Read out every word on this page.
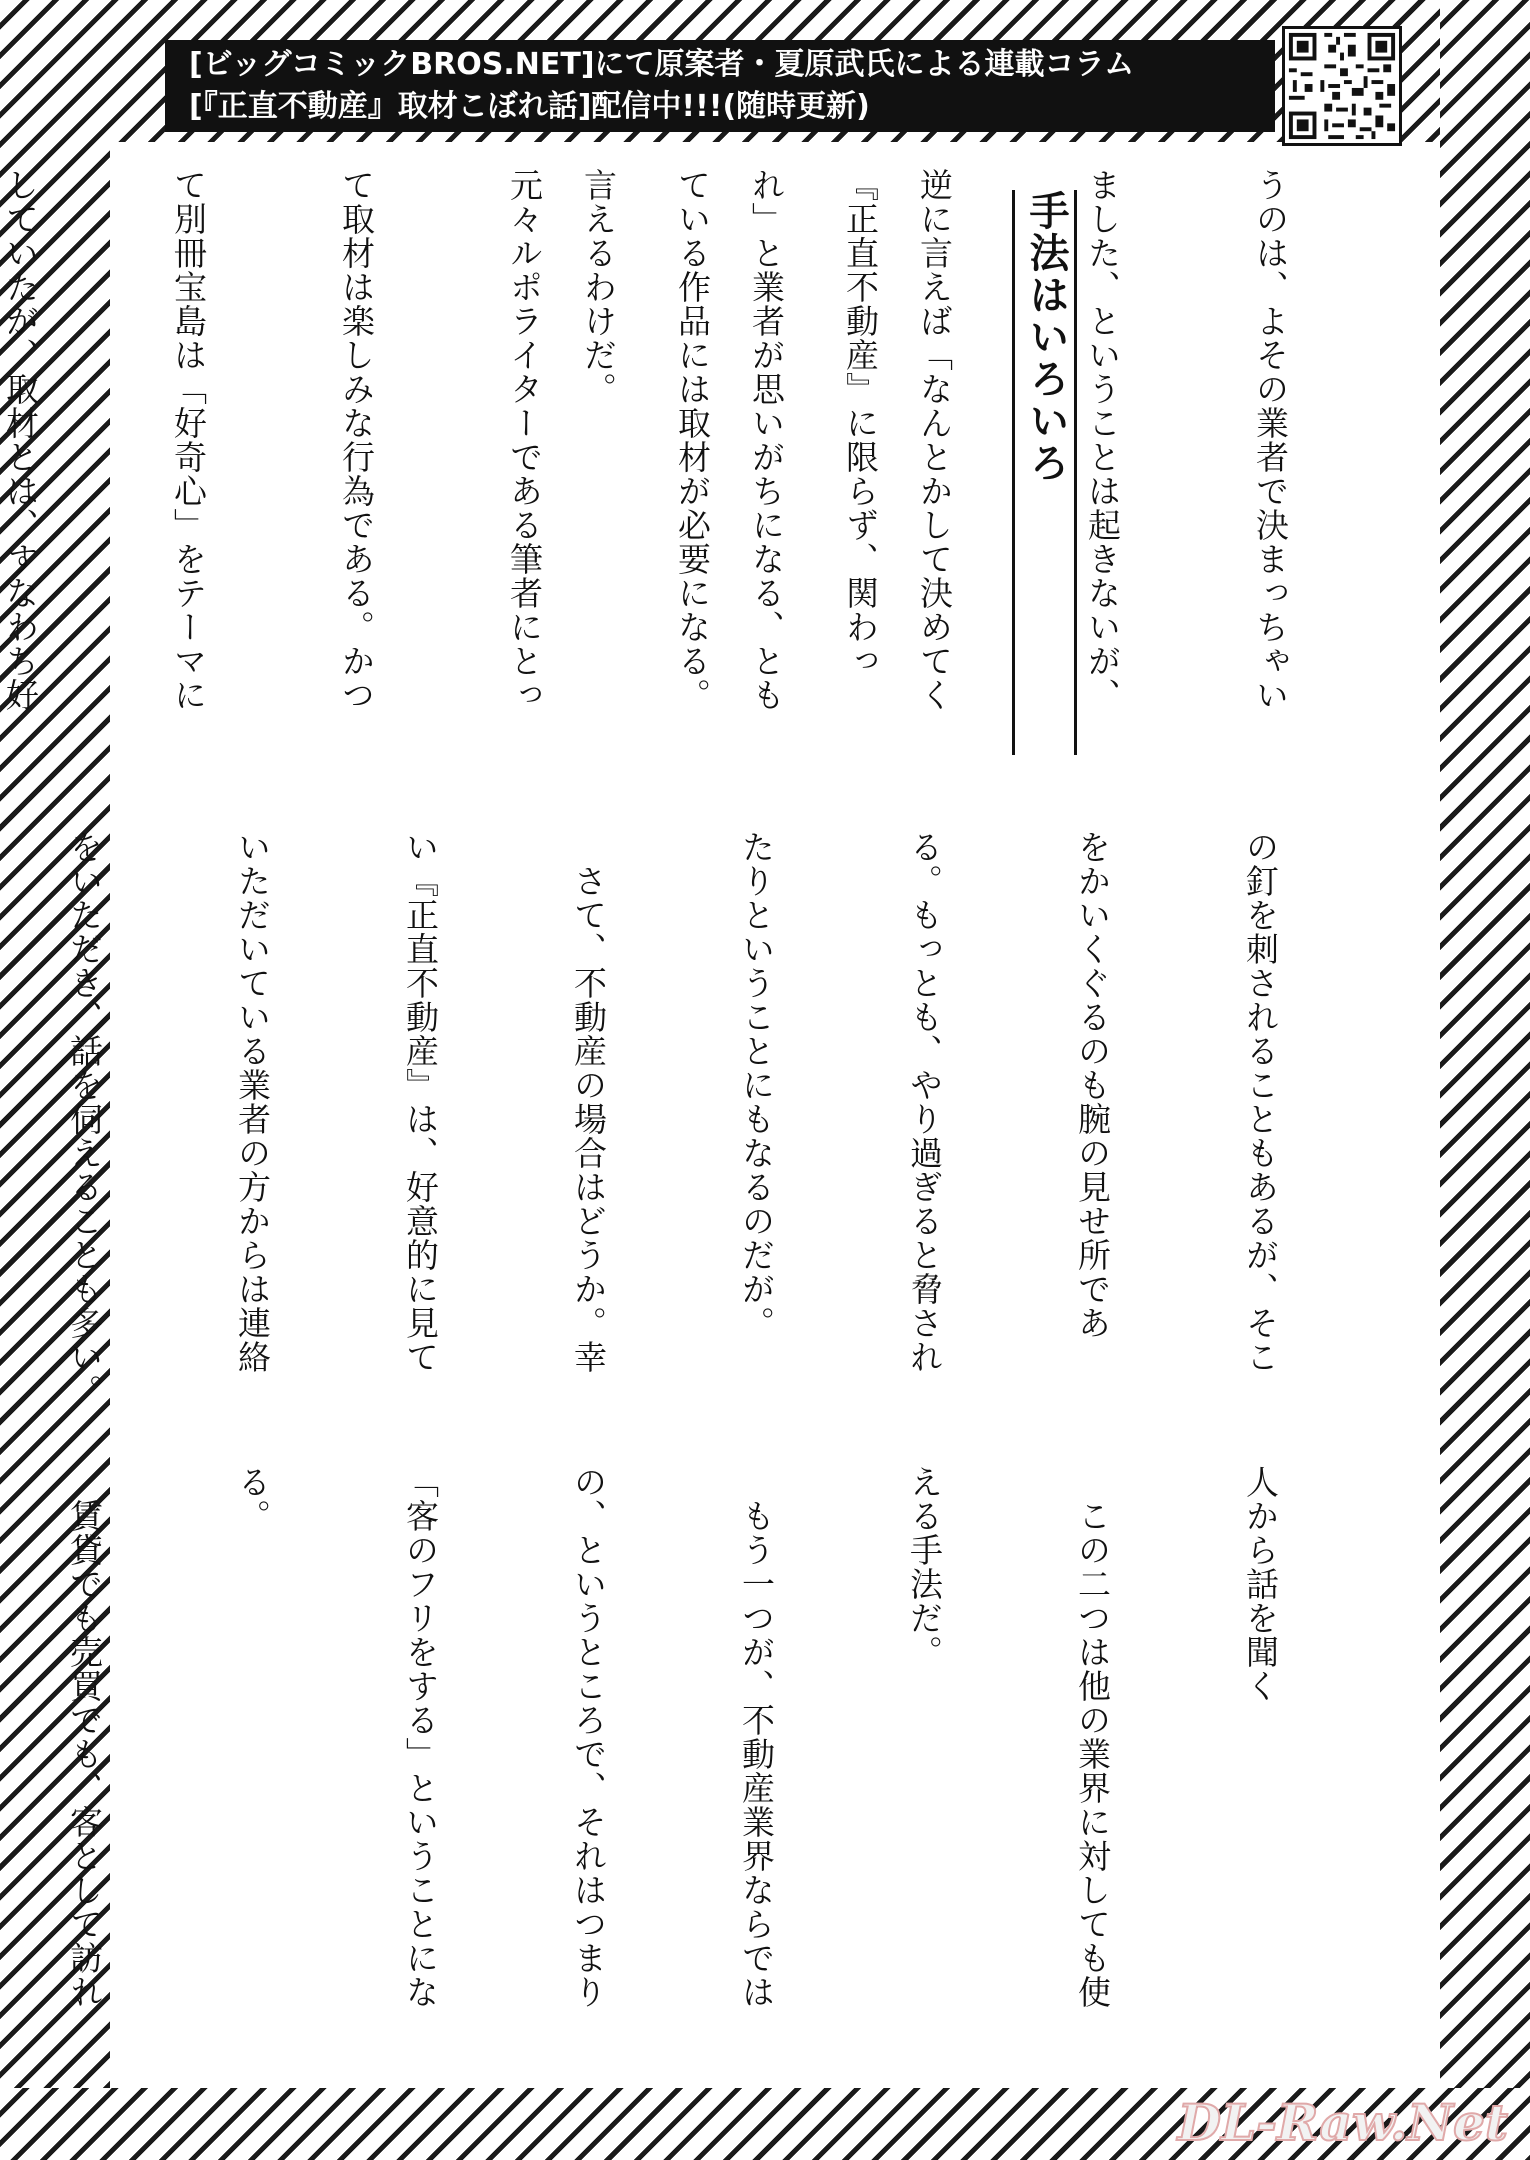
[ビッグコミックBROS.NET]にて原案者・夏原武氏による連載コラム
[『正直不動産』取材こぼれ話]配信中!!!(随時更新)

うのは、よその業者で決まっちゃい

ました、ということは起きないが、

逆に言えば「なんとかして決めてく

れ」と業者が思いがちになる、とも

言えるわけだ。	手法はいろいろ

『正直不動産』に限らず、関わっ

ている作品には取材が必要になる。

元々ルポライターである筆者にとっ

て取材は楽しみな行為である。かつ

て別冊宝島は「好奇心」をテーマに

していたが、取材とは、すなわち好

の釘を刺されることもあるが、そこ

をかいくぐるのも腕の見せ所であ

る。もっとも、やり過ぎると脅され

たりということにもなるのだが。

　さて、不動産の場合はどうか。幸

い『正直不動産』は、好意的に見て

いただいている業者の方からは連絡

をいただき、話を伺えることも多い。

人から話を聞く

　この二つは他の業界に対しても使

える手法だ。

　もう一つが、不動産業界ならでは

の、というところで、それはつまり

「客のフリをする」ということにな

る。

　賃貸でも売買でも、客として訪れ

DL-Raw.Net
